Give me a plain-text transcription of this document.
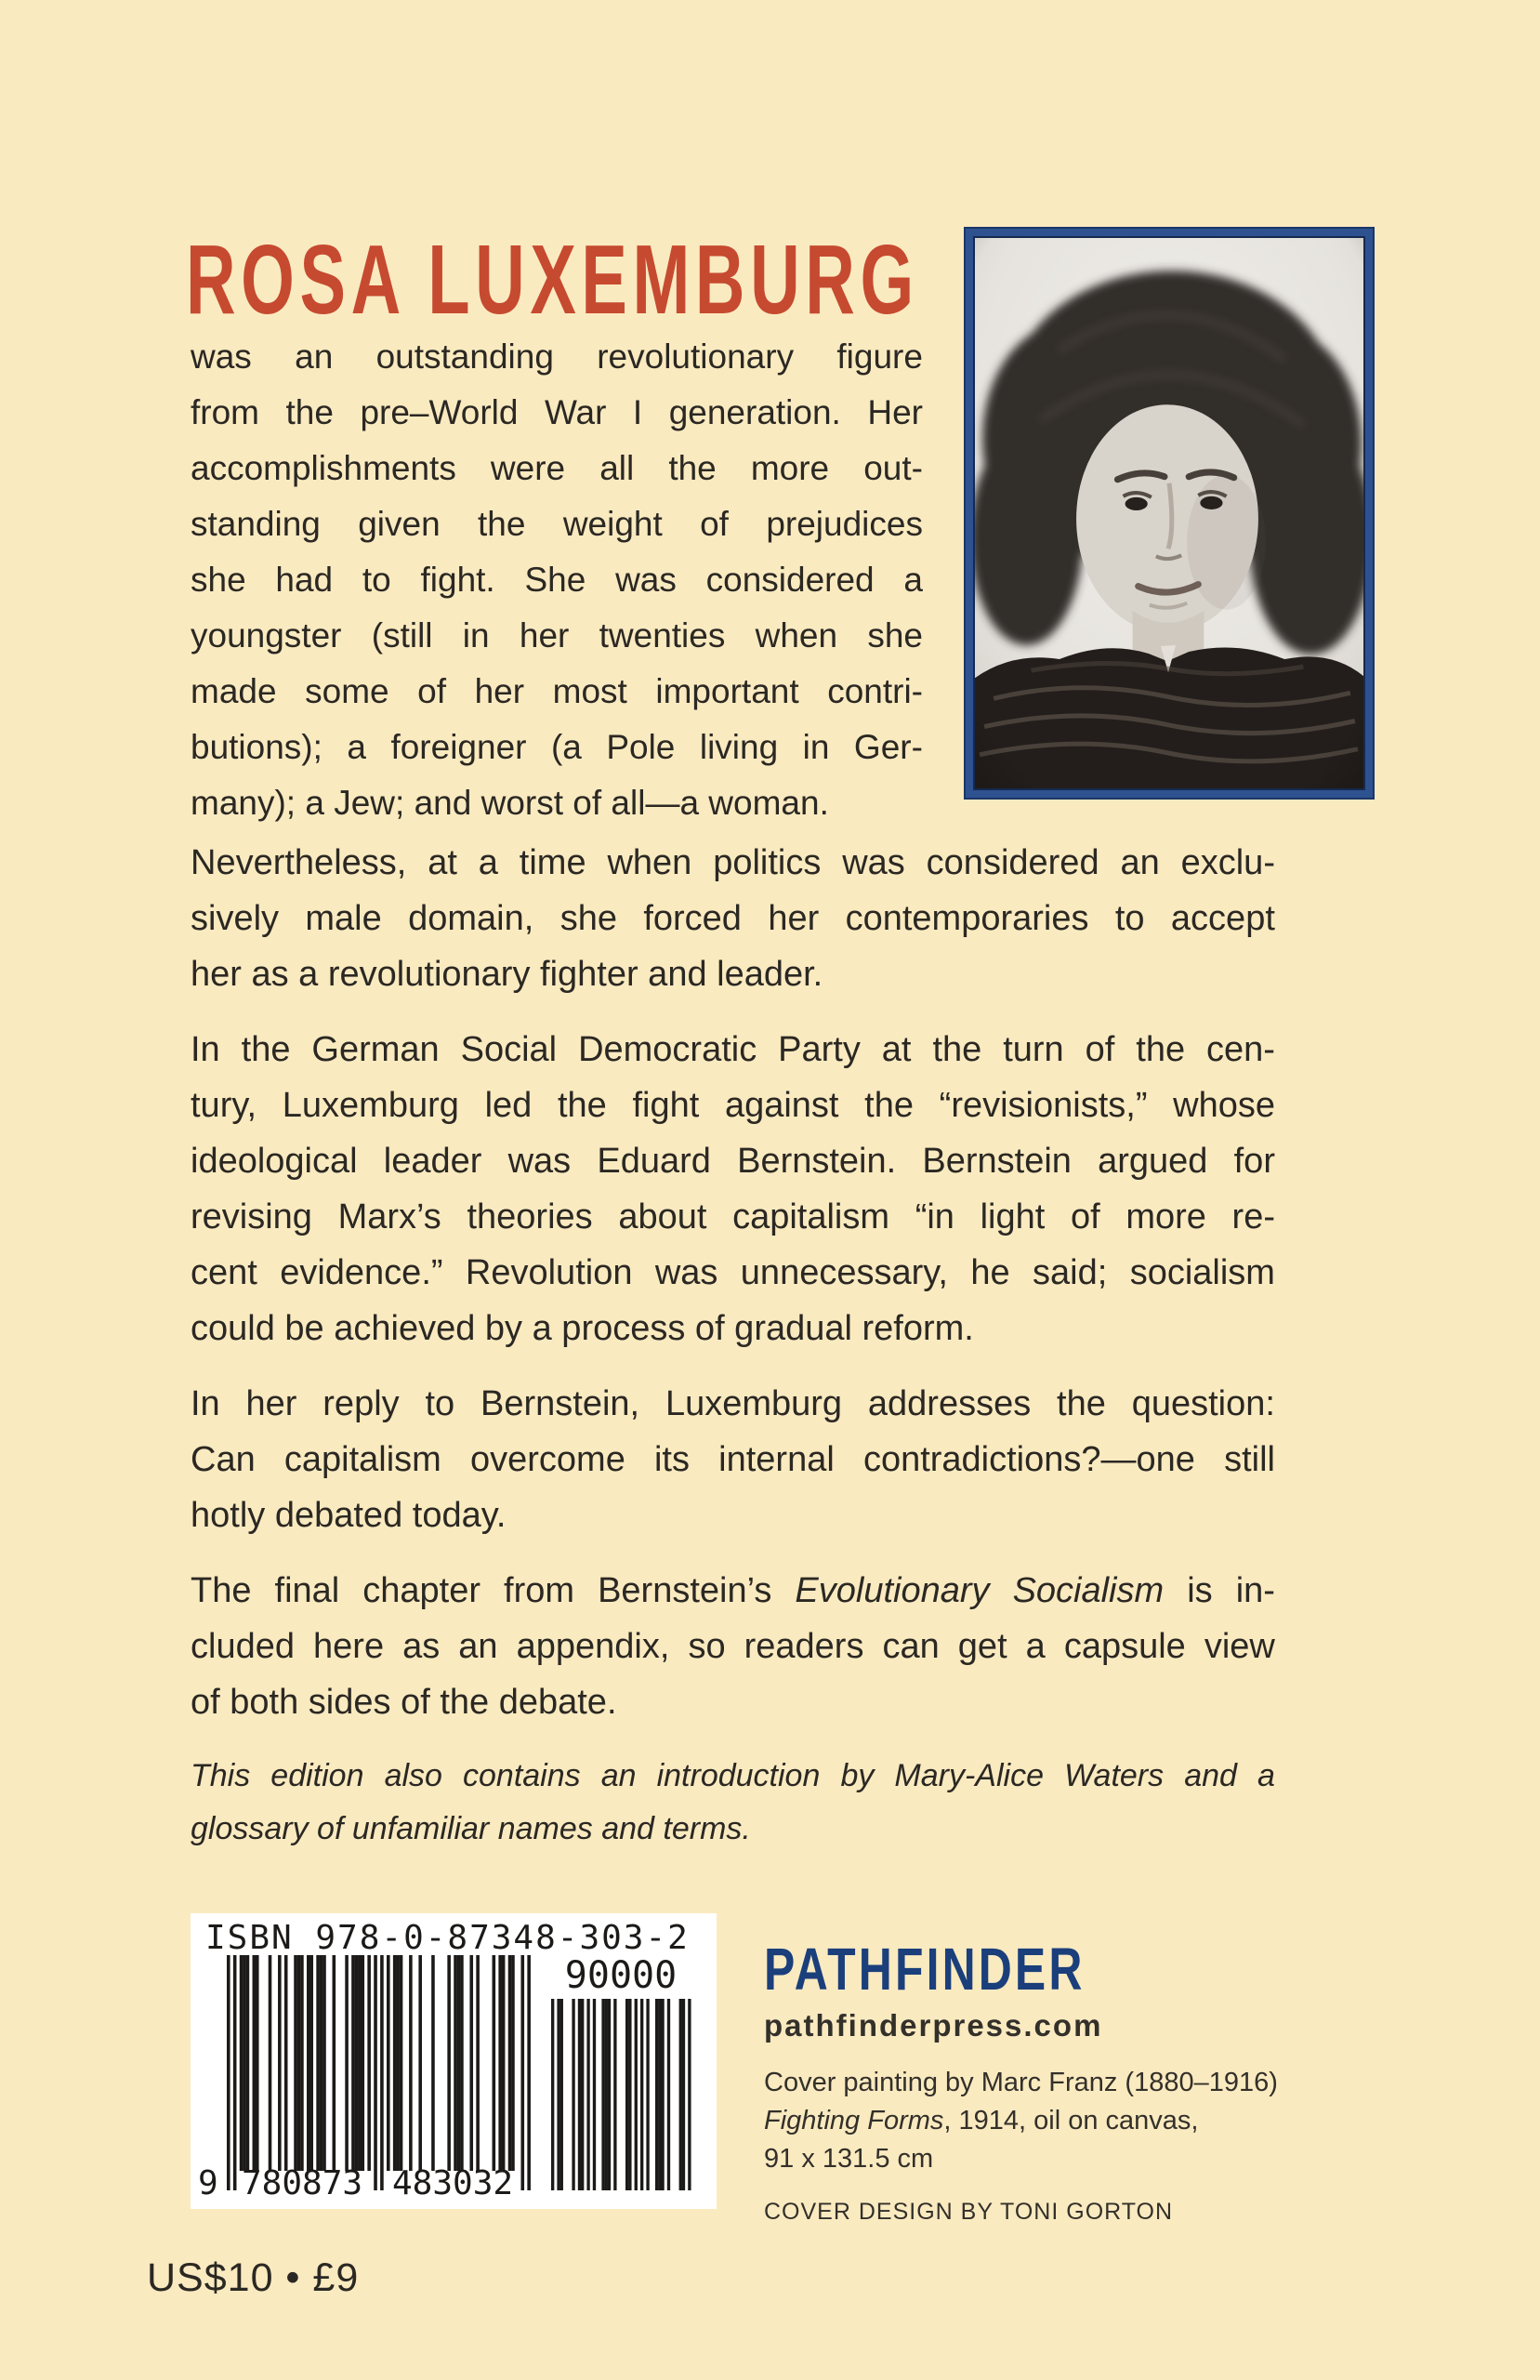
ROSA LUXEMBURG
was an outstanding revolutionary figure
from the pre–World War I generation. Her
accomplishments were all the more out-
standing given the weight of prejudices
she had to fight. She was considered a
youngster (still in her twenties when she
made some of her most important contri-
butions); a foreigner (a Pole living in Ger-
many); a Jew; and worst of all—a woman.
Nevertheless, at a time when politics was considered an exclu-
sively male domain, she forced her contemporaries to accept
her as a revolutionary fighter and leader.
In the German Social Democratic Party at the turn of the cen-
tury, Luxemburg led the fight against the “revisionists,” whose
ideological leader was Eduard Bernstein. Bernstein argued for
revising Marx’s theories about capitalism “in light of more re-
cent evidence.” Revolution was unnecessary, he said; socialism
could be achieved by a process of gradual reform.
In her reply to Bernstein, Luxemburg addresses the question:
Can capitalism overcome its internal contradictions?—one still
hotly debated today.
The final chapter from Bernstein’s Evolutionary Socialism is in-
cluded here as an appendix, so readers can get a capsule view
of both sides of the debate.
This edition also contains an introduction by Mary-Alice Waters and a
glossary of unfamiliar names and terms.
ISBN 978-0-87348-303-2
90000
9 780873 483032
PATHFINDER
pathfinderpress.com
Cover painting by Marc Franz (1880–1916)
Fighting Forms, 1914, oil on canvas,
91 x 131.5 cm
COVER DESIGN BY TONI GORTON
US$10 • £9
